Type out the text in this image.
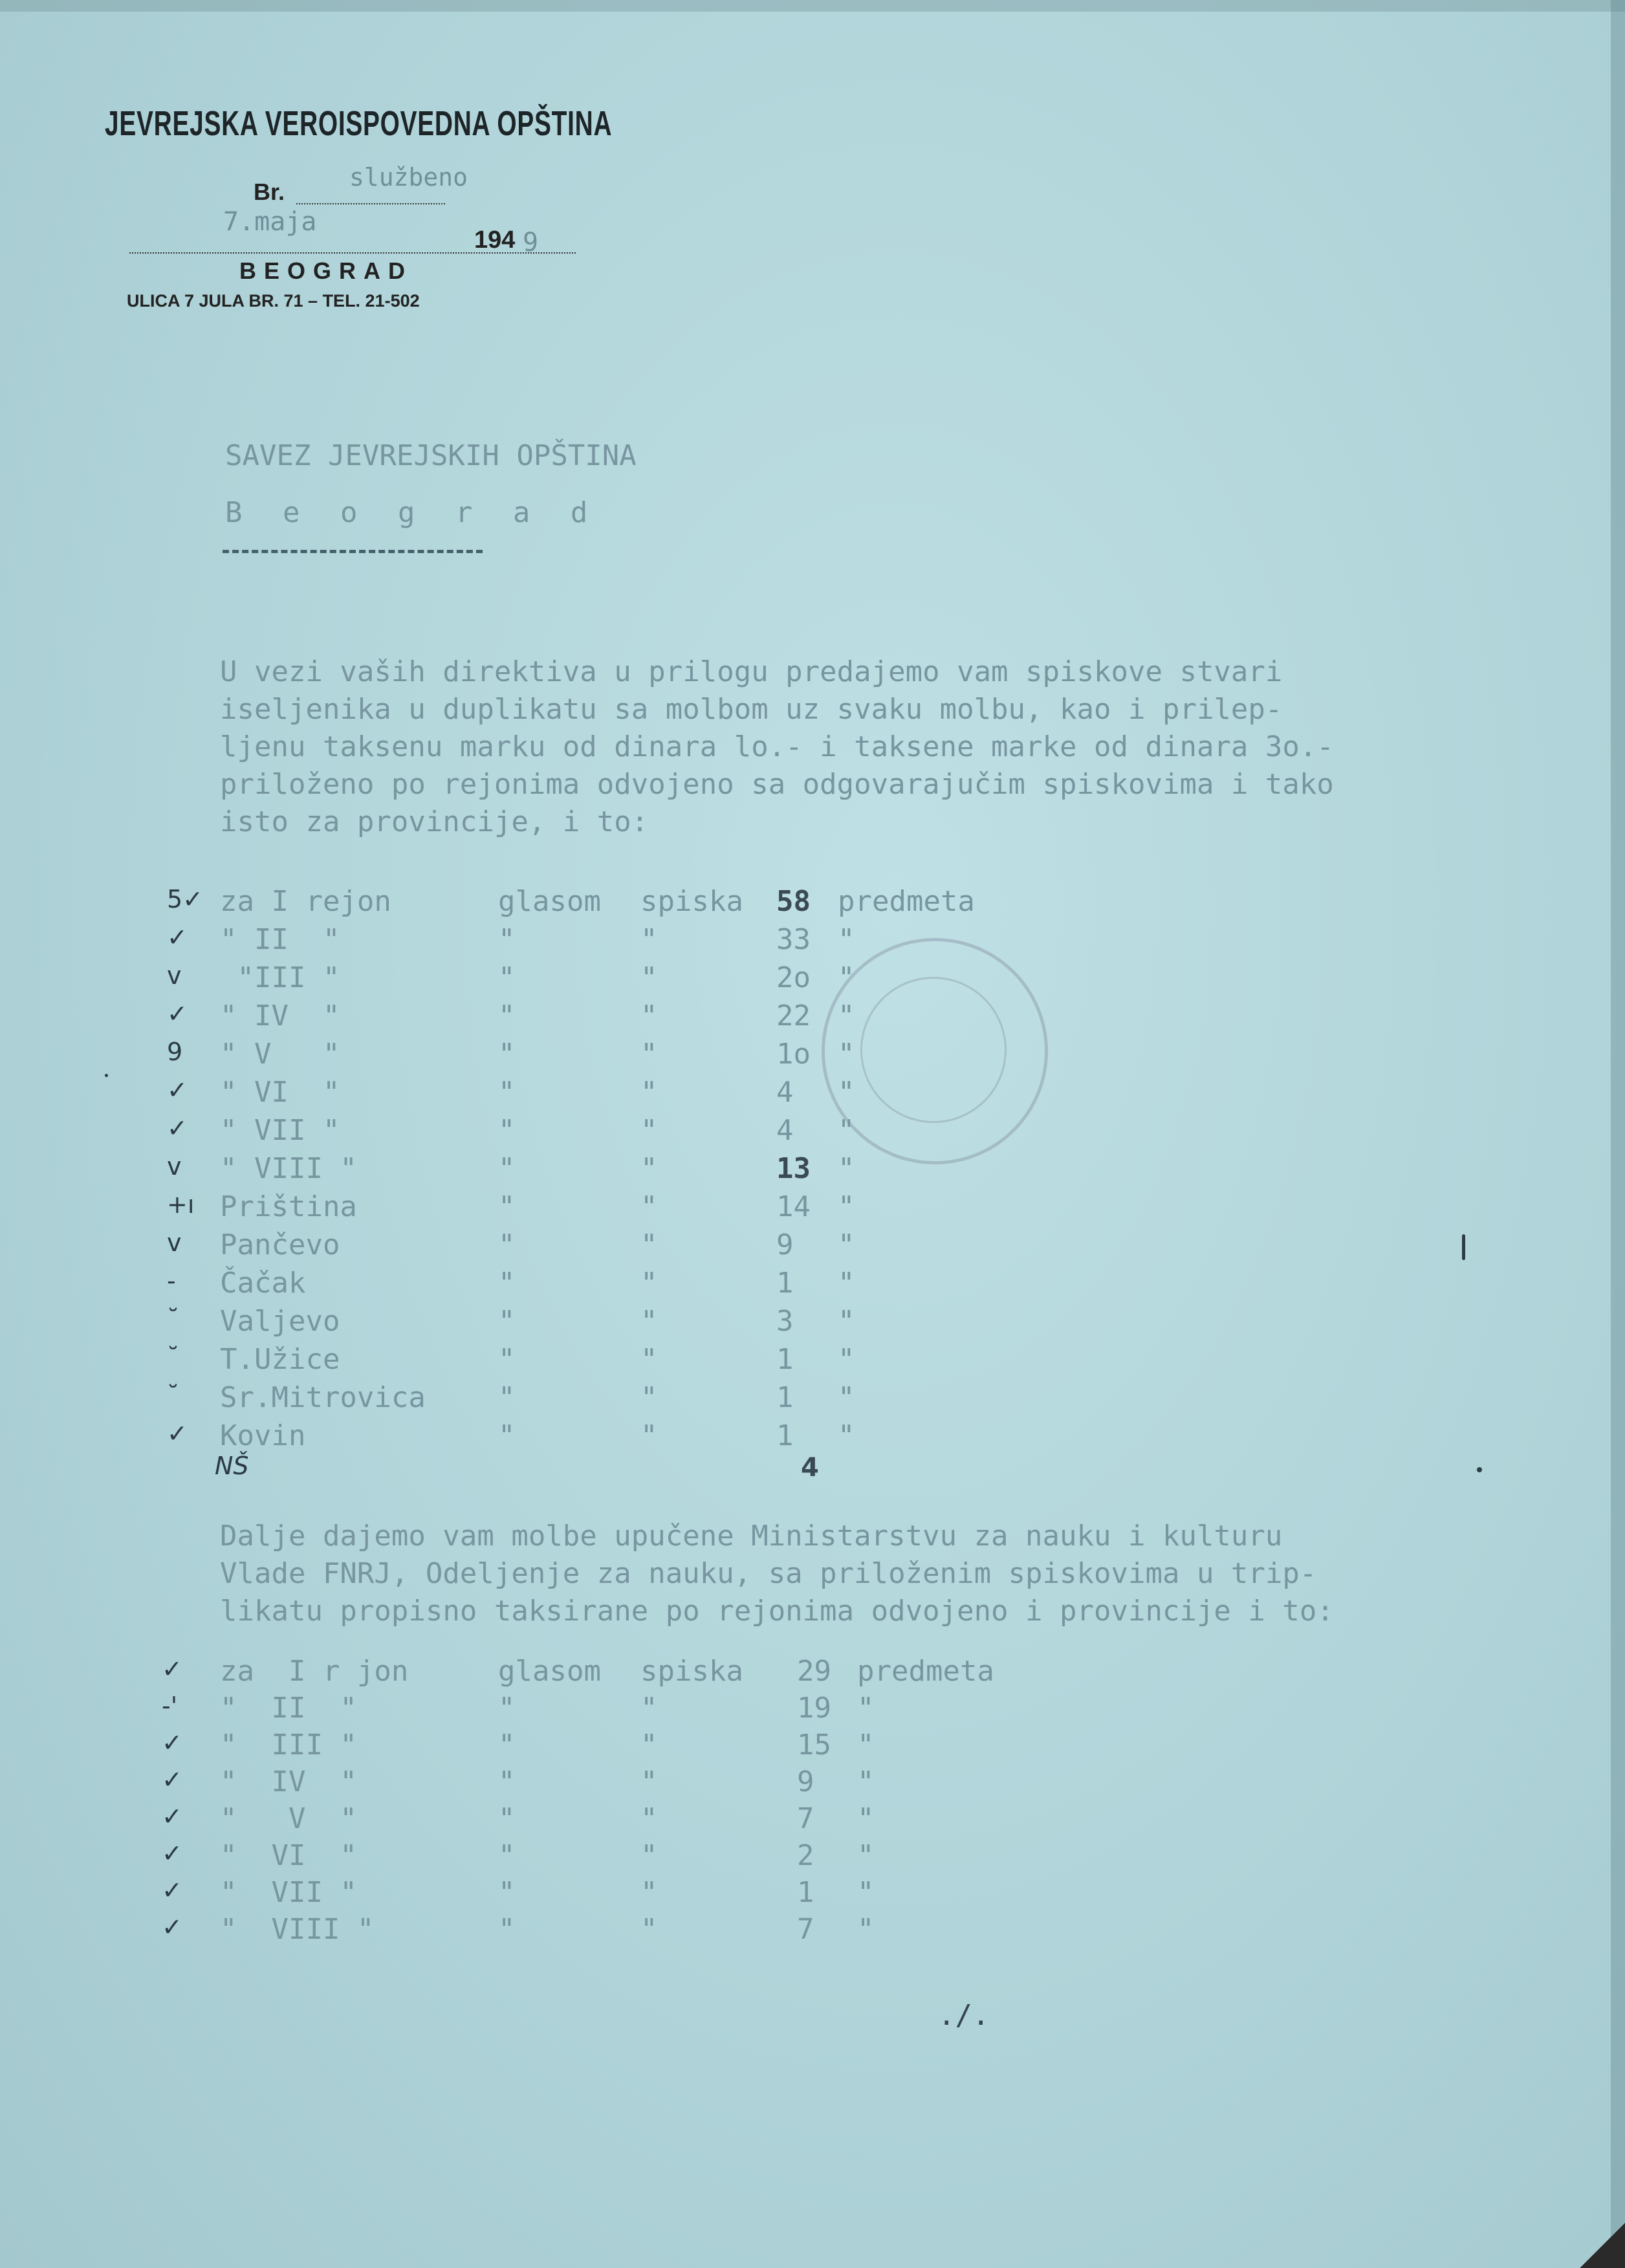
JEVREJSKA VEROISPOVEDNA OPŠTINA
Br.
službeno
7.maja
194 9
BEOGRAD
ULICA 7 JULA BR. 71 – TEL. 21-502
SAVEZ JEVREJSKIH OPŠTINA
B e o g r a d
U vezi vaših direktiva u prilogu predajemo vam spiskove stvari
iseljenika u duplikatu sa molbom uz svaku molbu, kao i prilep-
ljenu taksenu marku od dinara lo.- i taksene marke od dinara 3o.-
priloženo po rejonima odvojeno sa odgovarajučim spiskovima i tako
isto za provincije, i to:
5✓ za I rejon	glasom spiska 58 predmeta
✓ " II  "	"	"	33 "
v "III "	"	"	2o "
✓ " IV  "	"	"	22 "
9 " V   "	"	"	1o "
✓ " VI  "	"	"	4 "
✓ " VII "	"	"	4 "
v " VIII "	"	"	13 "
+ı Priština	"	"	14 "
v Pančevo	"	"	9 "
- Čačak	"	"	1 "
˘ Valjevo	"	"	3 "
˘ T.Užice	"	"	1 "
˘ Sr.Mitrovica	"	"	1 "
✓ Kovin	"	"	1 "
NŠ	4
Dalje dajemo vam molbe upučene Ministarstvu za nauku i kulturu
Vlade FNRJ, Odeljenje za nauku, sa priloženim spiskovima u trip-
likatu propisno taksirane po rejonima odvojeno i provincije i to:
✓ za  I r jon	glasom spiska 29 predmeta
-' "  II  "	"	"	19 "
✓ "  III "	"	"	15 "
✓ "  IV  "	"	"	9 "
✓ "   V  "	"	"	7 "
✓ "  VI  "	"	"	2 "
✓ "  VII "	"	"	1 "
✓ "  VIII "	"	"	7 "
./.
